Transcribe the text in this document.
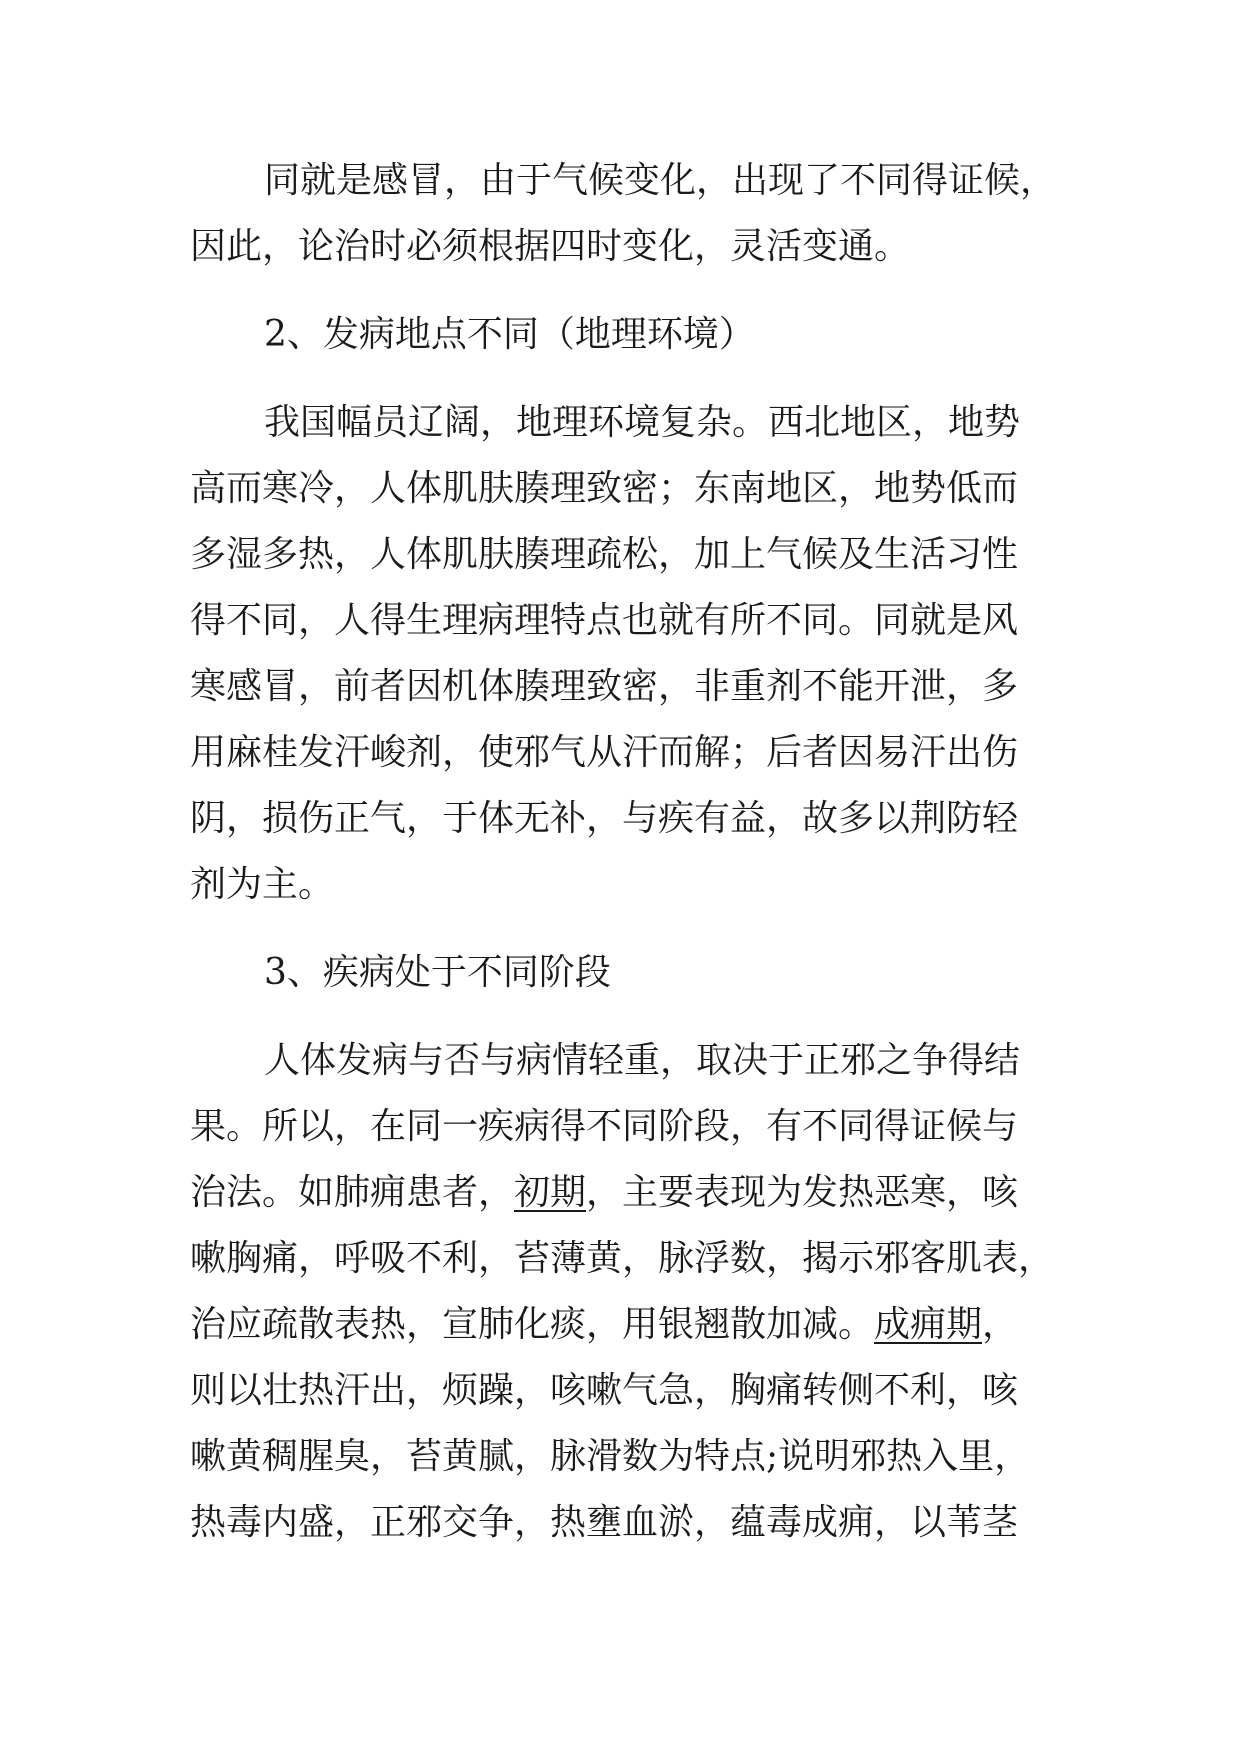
同就是感冒，由于气候变化，出现了不同得证候，
因此，论治时必须根据四时变化，灵活变通。
2、发病地点不同（地理环境）
我国幅员辽阔，地理环境复杂。西北地区，地势
高而寒冷，人体肌肤腠理致密；东南地区，地势低而
多湿多热，人体肌肤腠理疏松，加上气候及生活习性
得不同，人得生理病理特点也就有所不同。同就是风
寒感冒，前者因机体腠理致密，非重剂不能开泄，多
用麻桂发汗峻剂，使邪气从汗而解；后者因易汗出伤
阴，损伤正气，于体无补，与疾有益，故多以荆防轻
剂为主。
3、疾病处于不同阶段
人体发病与否与病情轻重，取决于正邪之争得结
果。所以，在同一疾病得不同阶段，有不同得证候与
治法。如肺痈患者，初期，主要表现为发热恶寒，咳
嗽胸痛，呼吸不利，苔薄黄，脉浮数，揭示邪客肌表，
治应疏散表热，宣肺化痰，用银翘散加减。成痈期，
则以壮热汗出，烦躁，咳嗽气急，胸痛转侧不利，咳
嗽黄稠腥臭，苔黄腻，脉滑数为特点;说明邪热入里，
热毒内盛，正邪交争，热壅血淤，蕴毒成痈，以苇茎
